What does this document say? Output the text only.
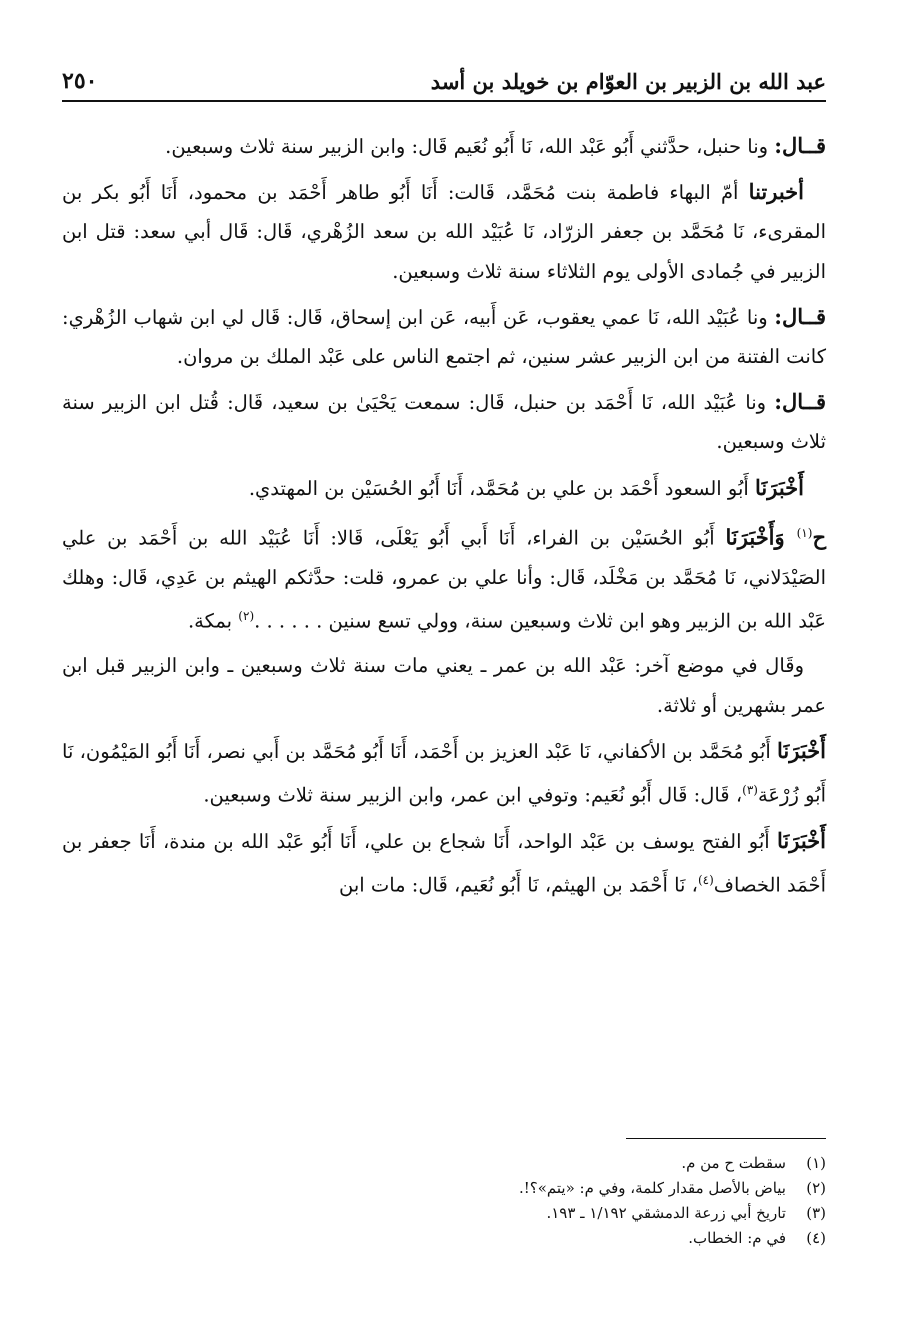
عبد الله بن الزبير بن العوّام بن خويلد بن أسد
٢٥٠

قــال: ونا حنبل، حدَّثني أَبُو عَبْد الله، نَا أَبُو نُعَيم قَال: وابن الزبير سنة ثلاث وسبعين.

أخبرتنا أمّ البهاء فاطمة بنت مُحَمَّد، قَالت: أَنَا أَبُو طاهر أَحْمَد بن محمود، أَنَا أَبُو بكر بن المقرىء، نَا مُحَمَّد بن جعفر الزرّاد، نَا عُبَيْد الله بن سعد الزُهْري، قَال: قَال أبي سعد: قتل ابن الزبير في جُمادى الأولى يوم الثلاثاء سنة ثلاث وسبعين.

قــال: ونا عُبَيْد الله، نَا عمي يعقوب، عَن أَبيه، عَن ابن إسحاق، قَال: قَال لي ابن شهاب الزُهْري: كانت الفتنة من ابن الزبير عشر سنين، ثم اجتمع الناس على عَبْد الملك بن مروان.

قــال: ونا عُبَيْد الله، نَا أَحْمَد بن حنبل، قَال: سمعت يَحْيَىٰ بن سعيد، قَال: قُتل ابن الزبير سنة ثلاث وسبعين.

أَخْبَرَنَا أَبُو السعود أَحْمَد بن علي بن مُحَمَّد، أَنَا أَبُو الحُسَيْن بن المهتدي.

ح$^{(١)}$ وَأَخْبَرَنَا أَبُو الحُسَيْن بن الفراء، أَنَا أَبي أَبُو يَعْلَى، قَالا: أَنَا عُبَيْد الله بن أَحْمَد بن علي الصَيْدَلاني، نَا مُحَمَّد بن مَخْلَد، قَال: وأنا علي بن عمرو، قلت: حدَّثكم الهيثم بن عَدِي، قَال: وهلك عَبْد الله بن الزبير وهو ابن ثلاث وسبعين سنة، وولي تسع سنين . . . . . .$^{(٢)}$ بمكة.

وقَال في موضع آخر: عَبْد الله بن عمر ـ يعني مات سنة ثلاث وسبعين ـ وابن الزبير قبل ابن عمر بشهرين أو ثلاثة.

أَخْبَرَنَا أَبُو مُحَمَّد بن الأكفاني، نَا عَبْد العزيز بن أَحْمَد، أَنَا أَبُو مُحَمَّد بن أَبي نصر، أَنَا أَبُو المَيْمُون، نَا أَبُو زُرْعَة$^{(٣)}$، قَال: قَال أَبُو نُعَيم: وتوفي ابن عمر، وابن الزبير سنة ثلاث وسبعين.

أَخْبَرَنَا أَبُو الفتح يوسف بن عَبْد الواحد، أَنَا شجاع بن علي، أَنَا أَبُو عَبْد الله بن مندة، أَنَا جعفر بن أَحْمَد الخصاف$^{(٤)}$، نَا أَحْمَد بن الهيثم، نَا أَبُو نُعَيم، قَال: مات ابن

(١)
سقطت ح من م.
(٢)
بياض بالأصل مقدار كلمة، وفي م: «يتم»؟!.
(٣)
تاريخ أبي زرعة الدمشقي ١/١٩٢ ـ ١٩٣.
(٤)
في م: الخطاب.
